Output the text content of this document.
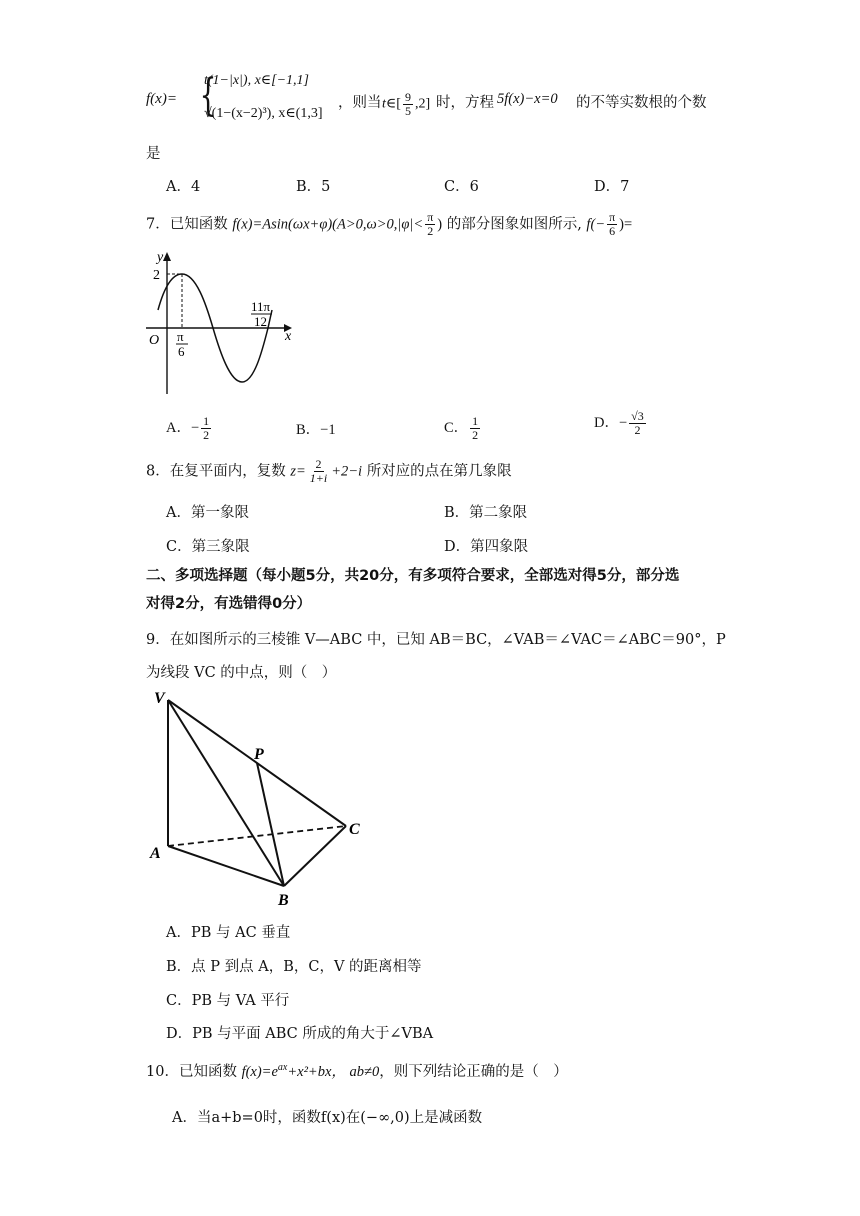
f(x)= {
t(1−|x|), x∈[−1,1]
√(1−(x−2)³), x∈(1,3]
，则当 t∈[ $\frac{9}{5} ,2$] 时，方程 5f(x)−x=0 的不等实数根的个数
是
A．4	B．5	C．6	D．7
7．已知函数 $f(x)=Asin(\omega x+\varphi)(A>0,\omega>0,|\varphi|< \frac{\pi}{2}$ ) 的部分图象如图所示, $f(- \frac{\pi}{6}$ )=
y
x
O
2
π
6
11π
12
A．− $\frac{1}{2}$	B．−1	C． $\frac{1}{2}$	D．− $\frac{√3}{2}$
8．在复平面内，复数 $z= \frac{2}{1+i} +2-i$ 所对应的点在第几象限
A．第一象限	B．第二象限
C．第三象限	D．第四象限
二、多项选择题（每小题5分，共20分，有多项符合要求，全部选对得5分，部分选
对得2分，有选错得0分）
9．在如图所示的三棱锥 V—ABC 中，已知 AB＝BC，∠VAB＝∠VAC＝∠ABC＝90°，P
为线段 VC 的中点，则（　）
V
P
C
A
B
A．PB 与 AC 垂直
B．点 P 到点 A，B，C，V 的距离相等
C．PB 与 VA 平行
D．PB 与平面 ABC 所成的角大于∠VBA
10．已知函数 $f(x)=e^{ax}+x^2+bx$， ab≠0，则下列结论正确的是（　）
A．当a+b=0时，函数f(x)在(−∞,0)上是减函数
